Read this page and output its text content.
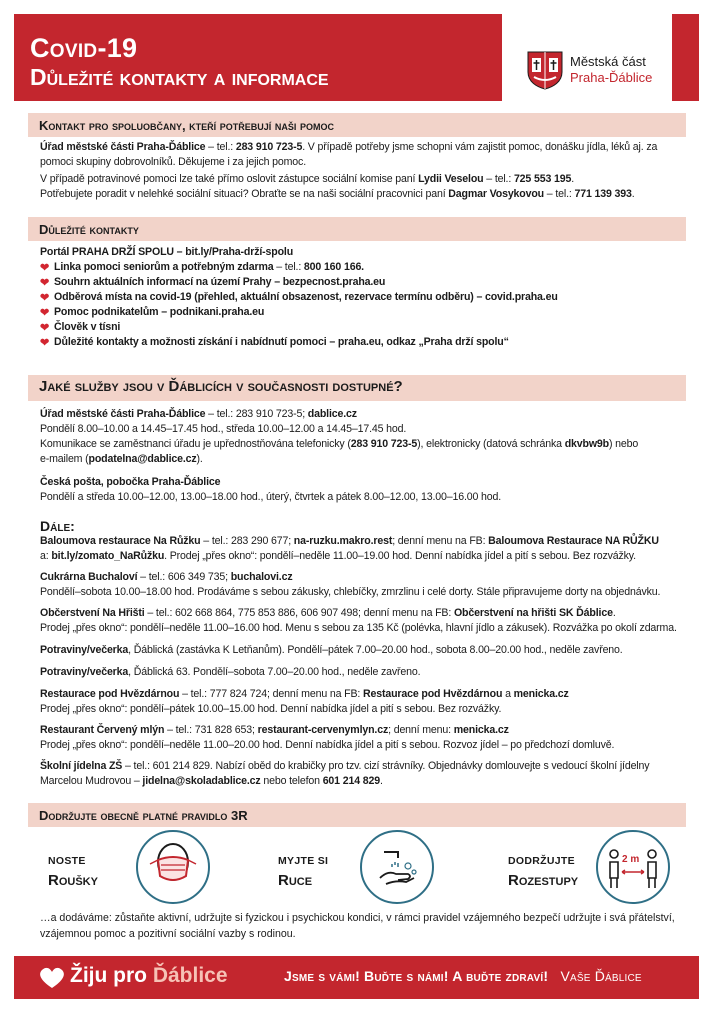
Covid-19
Důležité kontakty a informace
Městská část
Praha-Ďáblice
Kontakt pro spoluobčany, kteří potřebují naši pomoc
Úřad městské části Praha-Ďáblice – tel.: 283 910 723-5. V případě potřeby jsme schopni vám zajistit pomoc, donášku jídla, léků aj. za
pomoci skupiny dobrovolníků. Děkujeme i za jejich pomoc.
V případě potravinové pomoci lze také přímo oslovit zástupce sociální komise paní Lydii Veselou – tel.: 725 553 195.
Potřebujete poradit v nelehké sociální situaci? Obraťte se na naši sociální pracovnici paní Dagmar Vosykovou – tel.: 771 139 393.
Důležité kontakty
Portál PRAHA DRŽÍ SPOLU – bit.ly/Praha-drží-spolu
❤ Linka pomoci seniorům a potřebným zdarma – tel.: 800 160 166.
❤ Souhrn aktuálních informací na území Prahy – bezpecnost.praha.eu
❤ Odběrová místa na covid-19 (přehled, aktuální obsazenost, rezervace termínu odběru) – covid.praha.eu
❤ Pomoc podnikatelům – podnikani.praha.eu
❤ Člověk v tísni
❤ Důležité kontakty a možnosti získání i nabídnutí pomoci – praha.eu, odkaz „Praha drží spolu“
Jaké služby jsou v Ďáblicích v současnosti dostupné?
Úřad městské části Praha-Ďáblice – tel.: 283 910 723-5; dablice.cz
Pondělí 8.00–10.00 a 14.45–17.45 hod., středa 10.00–12.00 a 14.45–17.45 hod.
Komunikace se zaměstnanci úřadu je upřednostňována telefonicky (283 910 723-5), elektronicky (datová schránka dkvbw9b) nebo
e-mailem (podatelna@dablice.cz).
Česká pošta, pobočka Praha-Ďáblice
Pondělí a středa 10.00–12.00, 13.00–18.00 hod., úterý, čtvrtek a pátek 8.00–12.00, 13.00–16.00 hod.
Dále:
Baloumova restaurace Na Růžku – tel.: 283 290 677; na-ruzku.makro.rest; denní menu na FB: Baloumova Restaurace NA RŮŽKU
a: bit.ly/zomato_NaRůžku. Prodej „přes okno“: pondělí–neděle 11.00–19.00 hod. Denní nabídka jídel a pití s sebou. Bez rozvážky.
Cukrárna Buchaloví – tel.: 606 349 735; buchalovi.cz
Pondělí–sobota 10.00–18.00 hod. Prodáváme s sebou zákusky, chlebíčky, zmrzlinu i celé dorty. Stále připravujeme dorty na objednávku.
Občerstvení Na Hřišti – tel.: 602 668 864, 775 853 886, 606 907 498; denní menu na FB: Občerstvení na hřišti SK Ďáblice.
Prodej „přes okno“: pondělí–neděle 11.00–16.00 hod. Menu s sebou za 135 Kč (polévka, hlavní jídlo a zákusek). Rozvážka po okolí zdarma.
Potraviny/večerka, Ďáblická (zastávka K Letňanům). Pondělí–pátek 7.00–20.00 hod., sobota 8.00–20.00 hod., neděle zavřeno.
Potraviny/večerka, Ďáblická 63. Pondělí–sobota 7.00–20.00 hod., neděle zavřeno.
Restaurace pod Hvězdárnou – tel.: 777 824 724; denní menu na FB: Restaurace pod Hvězdárnou a menicka.cz
Prodej „přes okno“: pondělí–pátek 10.00–15.00 hod. Denní nabídka jídel a pití s sebou. Bez rozvážky.
Restaurant Červený mlýn – tel.: 731 828 653; restaurant-cervenymlyn.cz; denní menu: menicka.cz
Prodej „přes okno“: pondělí–neděle 11.00–20.00 hod. Denní nabídka jídel a pití s sebou. Rozvoz jídel – po předchozí domluvě.
Školní jídelna ZŠ – tel.: 601 214 829. Nabízí oběd do krabičky pro tzv. cizí strávníky. Objednávky domlouvejte s vedoucí školní jídelny
Marcelou Mudrovou – jidelna@skoladablice.cz nebo telefon 601 214 829.
Dodržujte obecně platné pravidlo 3R
NOSTE
Roušky
MYJTE SI
Ruce
DODRŽUJTE
Rozestupy
2 m
…a dodáváme: zůstaňte aktivní, udržujte si fyzickou i psychickou kondici, v rámci pravidel vzájemného bezpečí udržujte i svá přátelství,
vzájemnou pomoc a pozitivní sociální vazby s rodinou.
Žiju pro Ďáblice	Jsme s vámi! Buďte s námi! A buďte zdraví! Vaše Ďáblice
